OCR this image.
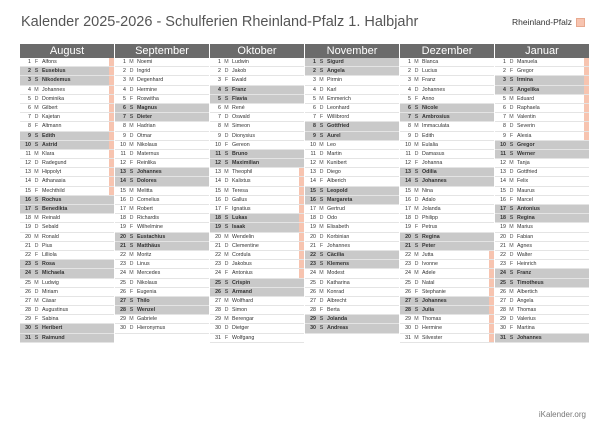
Kalender 2025-2026 - Schulferien Rheinland-Pfalz 1. Halbjahr	Rheinland-Pfalz
August
1 F Alfons
2 S Eusebius
3 S Nikodemus
4 M Johannes
5 D Dominika
6 M Gilbert
7 D Kajetan
8 F Altmann
9 S Edith
10 S Astrid
11 M Klara
12 D Radegund
13 M Hippolyt
14 D Athanasia
15 F Mechthild
16 S Rochus
17 S Benedikta
18 M Reinald
19 D Sebald
20 M Ronald
21 D Pius
22 F Lilliola
23 S Rosa
24 S Michaela
25 M Ludwig
26 D Miriam
27 M Cäsar
28 D Augustinus
29 F Sabina
30 S Heribert
31 S Raimund
September
1 M Noemi
2 D Ingrid
3 M Degenhard
4 D Hermine
5 F Roswitha
6 S Magnus
7 S Dieter
8 M Hadrian
9 D Otmar
10 M Nikolaus
11 D Maternus
12 F Reinlika
13 S Johannes
14 S Dolores
15 M Melitta
16 D Cornelius
17 M Robert
18 D Richardis
19 F Wilhelmine
20 S Eustachius
21 S Matthäus
22 M Moritz
23 D Linus
24 M Mercedes
25 D Nikolaus
26 F Eugenia
27 S Thilo
28 S Wenzel
29 M Gabriele
30 D Hieronymus
Oktober
1 M Ludwin
2 D Jakob
3 F Ewald
4 S Franz
5 S Flavia
6 M René
7 D Oswald
8 M Simeon
9 D Dionysius
10 F Gereon
11 S Bruno
12 S Maximilian
13 M Theophil
14 D Kalixtus
15 M Teresa
16 D Gallus
17 F Ignatius
18 S Lukas
19 S Isaak
20 M Wendelin
21 D Clementine
22 M Cordula
23 D Jakobus
24 F Antonius
25 S Crispin
26 S Armand
27 M Wolfhard
28 D Simon
29 M Berengar
30 D Dietger
31 F Wolfgang
November
1 S Sigurd
2 S Angela
3 M Pirmin
4 D Karl
5 M Emmerich
6 D Leonhard
7 F Willibrord
8 S Gottfried
9 S Aurel
10 M Leo
11 D Martin
12 M Kunibert
13 D Diego
14 F Alberich
15 S Leopold
16 S Margareta
17 M Gertrud
18 D Odo
19 M Elisabeth
20 D Korbinian
21 F Johannes
22 S Cäcilia
23 S Klemens
24 M Modest
25 D Katharina
26 M Konrad
27 D Albrecht
28 F Berta
29 S Jolanda
30 S Andreas
Dezember
1 M Blanca
2 D Lucius
3 M Franz
4 D Johannes
5 F Anno
6 S Nicole
7 S Ambrosius
8 M Immaculata
9 D Edith
10 M Eulalia
11 D Damasus
12 F Johanna
13 S Odilia
14 S Johannes
15 M Nina
16 D Adalo
17 M Jolanda
18 D Philipp
19 F Petrus
20 S Regina
21 S Peter
22 M Jutta
23 D Ivonne
24 M Adele
25 D Natal
26 F Stephanie
27 S Johannes
28 S Julia
29 M Thomas
30 D Hermine
31 M Silvester
Januar
1 D Manuela
2 F Gregor
3 S Irmina
4 S Angelika
5 M Eduard
6 D Raphaela
7 M Valentin
8 D Severin
9 F Alexia
10 S Gregor
11 S Werner
12 M Tanja
13 D Gottfried
14 M Felix
15 D Maurus
16 F Marcel
17 S Antonius
18 S Regina
19 M Marius
20 D Fabian
21 M Agnes
22 D Walter
23 F Heinrich
24 S Franz
25 S Timotheus
26 M Albertich
27 D Angela
28 M Thomas
29 D Valerius
30 F Martina
31 S Johannes
iKalender.org
